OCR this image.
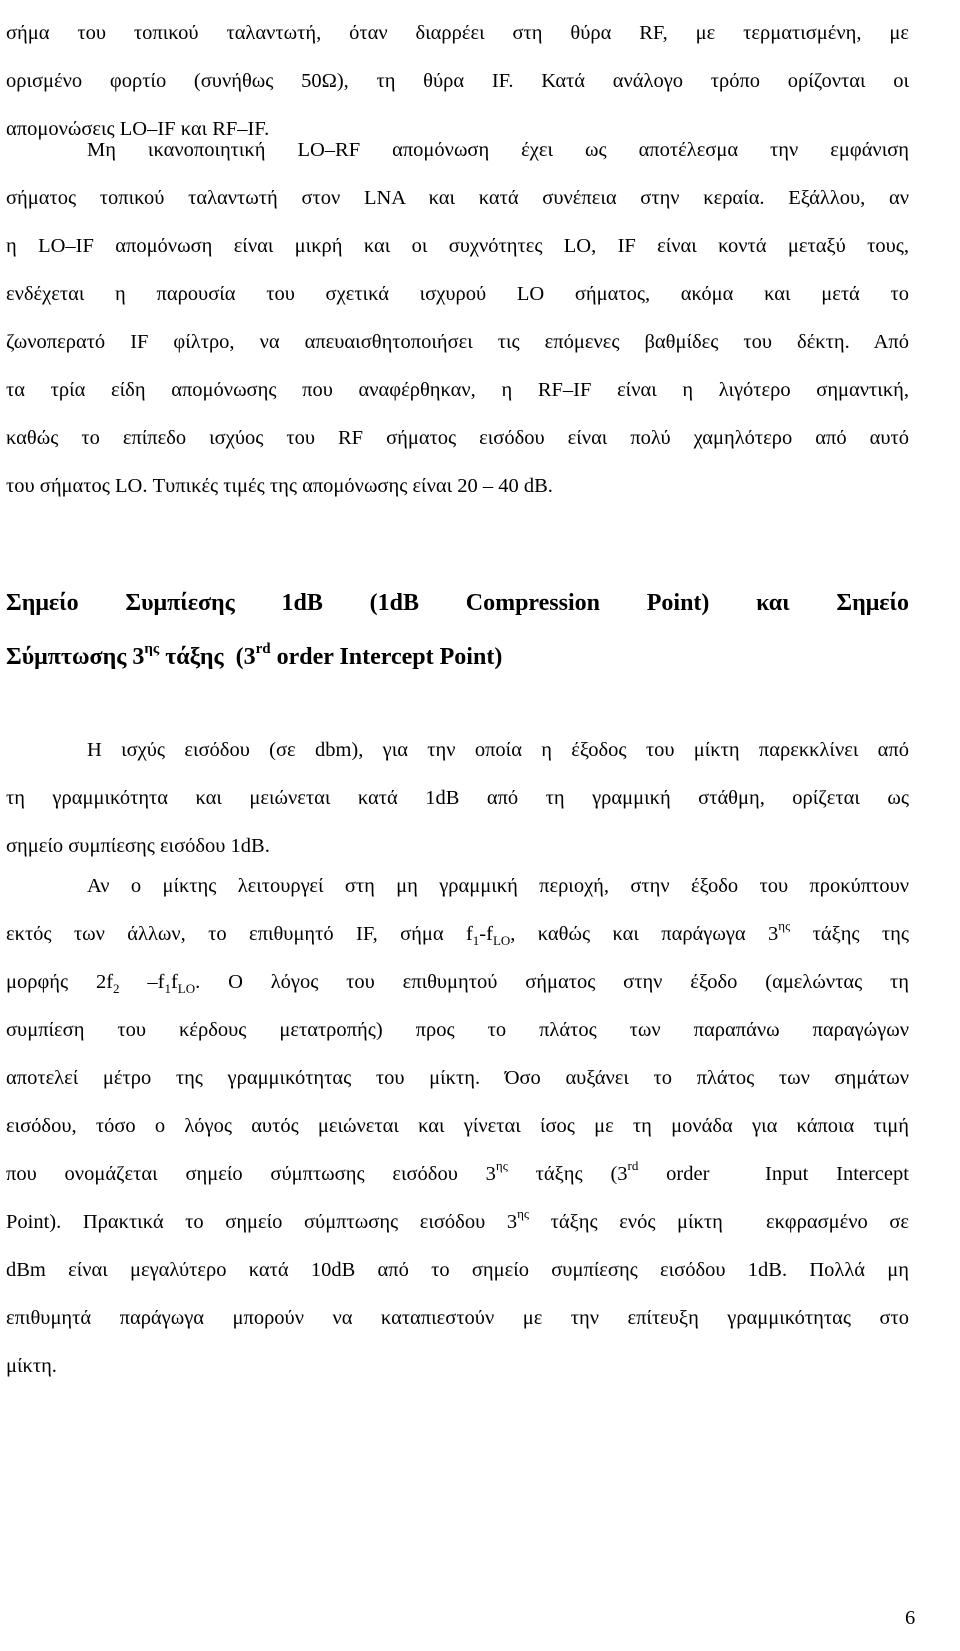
σήμα του τοπικού ταλαντωτή, όταν διαρρέει στη θύρα RF, με τερματισμένη, με
ορισμένο φορτίο (συνήθως 50Ω), τη θύρα IF. Κατά ανάλογο τρόπο ορίζονται οι
απομονώσεις LO–IF και RF–IF.
Μη ικανοποιητική LO–RF απομόνωση έχει ως αποτέλεσμα την εμφάνιση
σήματος τοπικού ταλαντωτή στον LNA και κατά συνέπεια στην κεραία. Εξάλλου, αν
η LO–IF απομόνωση είναι μικρή και οι συχνότητες LO, IF είναι κοντά μεταξύ τους,
ενδέχεται η παρουσία του σχετικά ισχυρού LO σήματος, ακόμα και μετά το
ζωνοπερατό IF φίλτρο, να απευαισθητοποιήσει τις επόμενες βαθμίδες του δέκτη. Από
τα τρία είδη απομόνωσης που αναφέρθηκαν, η RF–IF είναι η λιγότερο σημαντική,
καθώς το επίπεδο ισχύος του RF σήματος εισόδου είναι πολύ χαμηλότερο από αυτό
του σήματος LO. Τυπικές τιμές της απομόνωσης είναι 20 – 40 dB.
Σημείο Συμπίεσης 1dB (1dB Compression Point) και Σημείο
Σύμπτωσης $3^{\eta\varsigma}$ τάξης  (3rd order Intercept Point)
Η ισχύς εισόδου (σε dbm), για την οποία η έξοδος του μίκτη παρεκκλίνει από
τη γραμμικότητα και μειώνεται κατά 1dB από τη γραμμική στάθμη, ορίζεται ως
σημείο συμπίεσης εισόδου 1dB.
Αν ο μίκτης λειτουργεί στη μη γραμμική περιοχή, στην έξοδο του προκύπτουν
εκτός των άλλων, το επιθυμητό IF, σήμα $f_1-f_{LO}$, καθώς και παράγωγα $3^{\eta\varsigma}$ τάξης της
μορφής $2f_2$ $-f_1f_{LO}$. Ο λόγος του επιθυμητού σήματος στην έξοδο (αμελώντας τη
συμπίεση του κέρδους μετατροπής) προς το πλάτος των παραπάνω παραγώγων
αποτελεί μέτρο της γραμμικότητας του μίκτη. Όσο αυξάνει το πλάτος των σημάτων
εισόδου, τόσο ο λόγος αυτός μειώνεται και γίνεται ίσος με τη μονάδα για κάποια τιμή
που ονομάζεται σημείο σύμπτωσης εισόδου $3^{\eta\varsigma}$ τάξης (3rd order  Input Intercept
Point). Πρακτικά το σημείο σύμπτωσης εισόδου $3^{\eta\varsigma}$ τάξης ενός μίκτη  εκφρασμένο σε
dBm είναι μεγαλύτερο κατά 10dB από το σημείο συμπίεσης εισόδου 1dB. Πολλά μη
επιθυμητά παράγωγα μπορούν να καταπιεστούν με την επίτευξη γραμμικότητας στο
μίκτη.
6
